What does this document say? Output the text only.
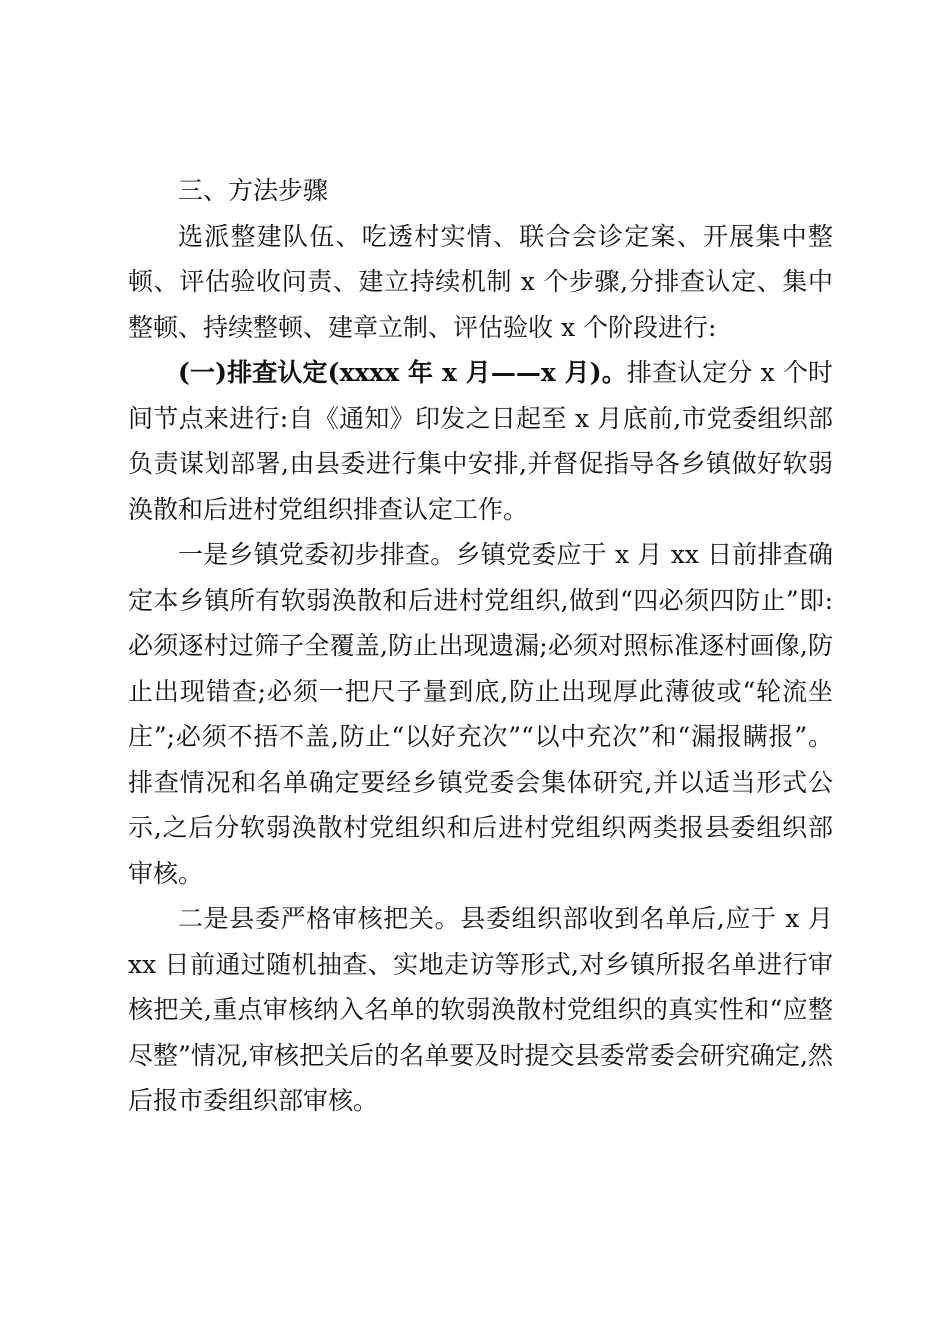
三、方法步骤

选派整建队伍、吃透村实情、联合会诊定案、开展集中整顿、评估验收问责、建立持续机制 x 个步骤,分排查认定、集中整顿、持续整顿、建章立制、评估验收 x 个阶段进行:

(一)排查认定(xxxx 年 x 月——x 月)。排查认定分 x 个时间节点来进行:自《通知》印发之日起至 x 月底前,市党委组织部负责谋划部署,由县委进行集中安排,并督促指导各乡镇做好软弱涣散和后进村党组织排查认定工作。

一是乡镇党委初步排查。乡镇党委应于 x 月 xx 日前排查确定本乡镇所有软弱涣散和后进村党组织,做到“四必须四防止”即:必须逐村过筛子全覆盖,防止出现遗漏;必须对照标准逐村画像,防止出现错查;必须一把尺子量到底,防止出现厚此薄彼或“轮流坐庄”;必须不捂不盖,防止“以好充次”“以中充次”和“漏报瞒报”。排查情况和名单确定要经乡镇党委会集体研究,并以适当形式公示,之后分软弱涣散村党组织和后进村党组织两类报县委组织部审核。

二是县委严格审核把关。县委组织部收到名单后,应于 x 月 xx 日前通过随机抽查、实地走访等形式,对乡镇所报名单进行审核把关,重点审核纳入名单的软弱涣散村党组织的真实性和“应整尽整”情况,审核把关后的名单要及时提交县委常委会研究确定,然后报市委组织部审核。
